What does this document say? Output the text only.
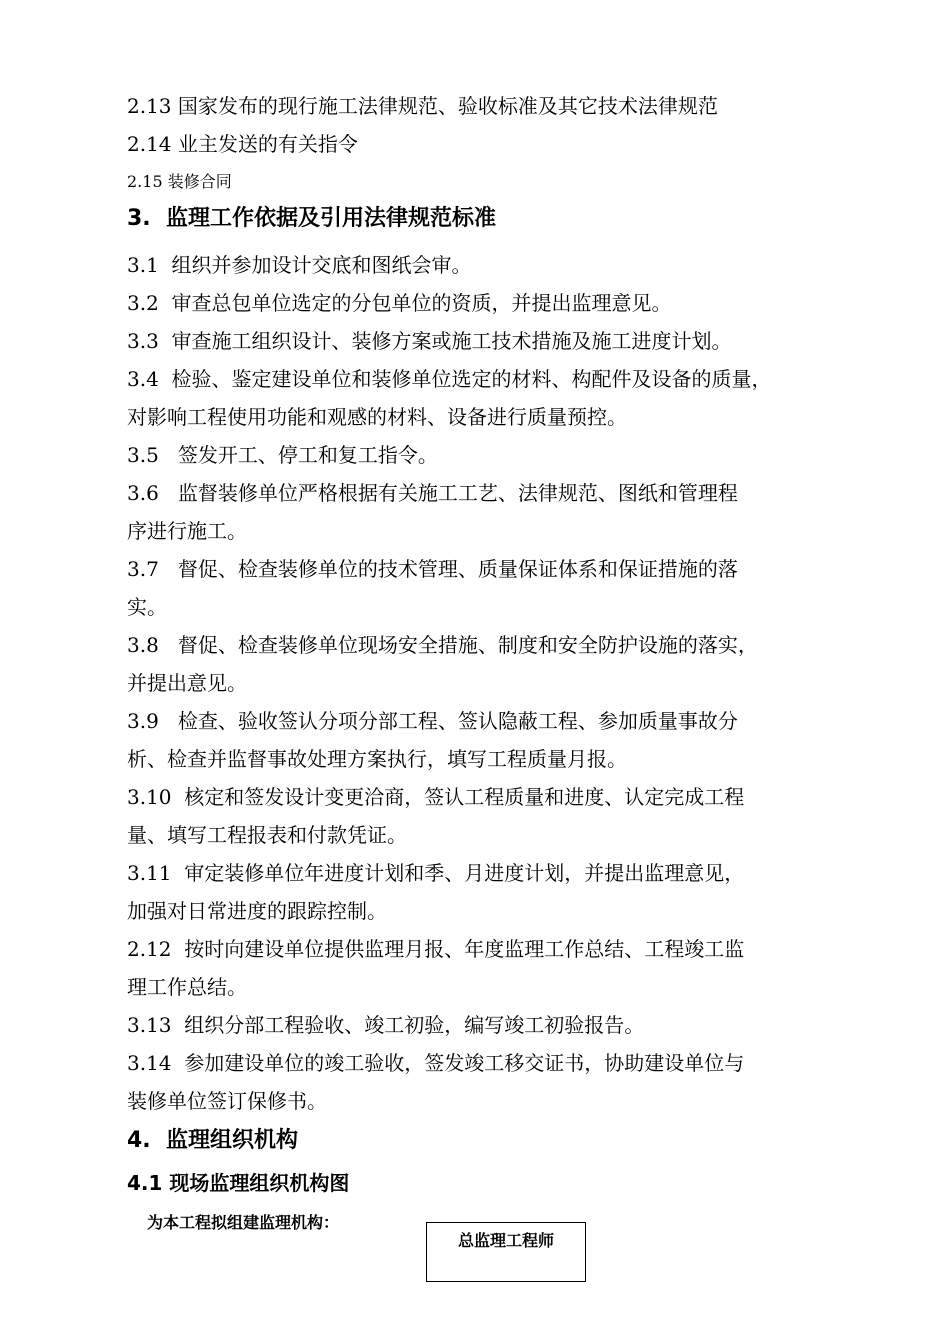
2.13 国家发布的现行施工法律规范、验收标准及其它技术法律规范
2.14 业主发送的有关指令
2.15 装修合同
3.  监理工作依据及引用法律规范标准
3.1  组织并参加设计交底和图纸会审。
3.2  审查总包单位选定的分包单位的资质，并提出监理意见。
3.3  审查施工组织设计、装修方案或施工技术措施及施工进度计划。
3.4  检验、鉴定建设单位和装修单位选定的材料、构配件及设备的质量，
对影响工程使用功能和观感的材料、设备进行质量预控。
3.5   签发开工、停工和复工指令。
3.6   监督装修单位严格根据有关施工工艺、法律规范、图纸和管理程
序进行施工。
3.7   督促、检查装修单位的技术管理、质量保证体系和保证措施的落
实。
3.8   督促、检查装修单位现场安全措施、制度和安全防护设施的落实，
并提出意见。
3.9   检查、验收签认分项分部工程、签认隐蔽工程、参加质量事故分
析、检查并监督事故处理方案执行，填写工程质量月报。
3.10  核定和签发设计变更洽商，签认工程质量和进度、认定完成工程
量、填写工程报表和付款凭证。
3.11  审定装修单位年进度计划和季、月进度计划，并提出监理意见，
加强对日常进度的跟踪控制。
2.12  按时向建设单位提供监理月报、年度监理工作总结、工程竣工监
理工作总结。
3.13  组织分部工程验收、竣工初验，编写竣工初验报告。
3.14  参加建设单位的竣工验收，签发竣工移交证书，协助建设单位与
装修单位签订保修书。
4.  监理组织机构
4.1 现场监理组织机构图
为本工程拟组建监理机构：
总监理工程师
